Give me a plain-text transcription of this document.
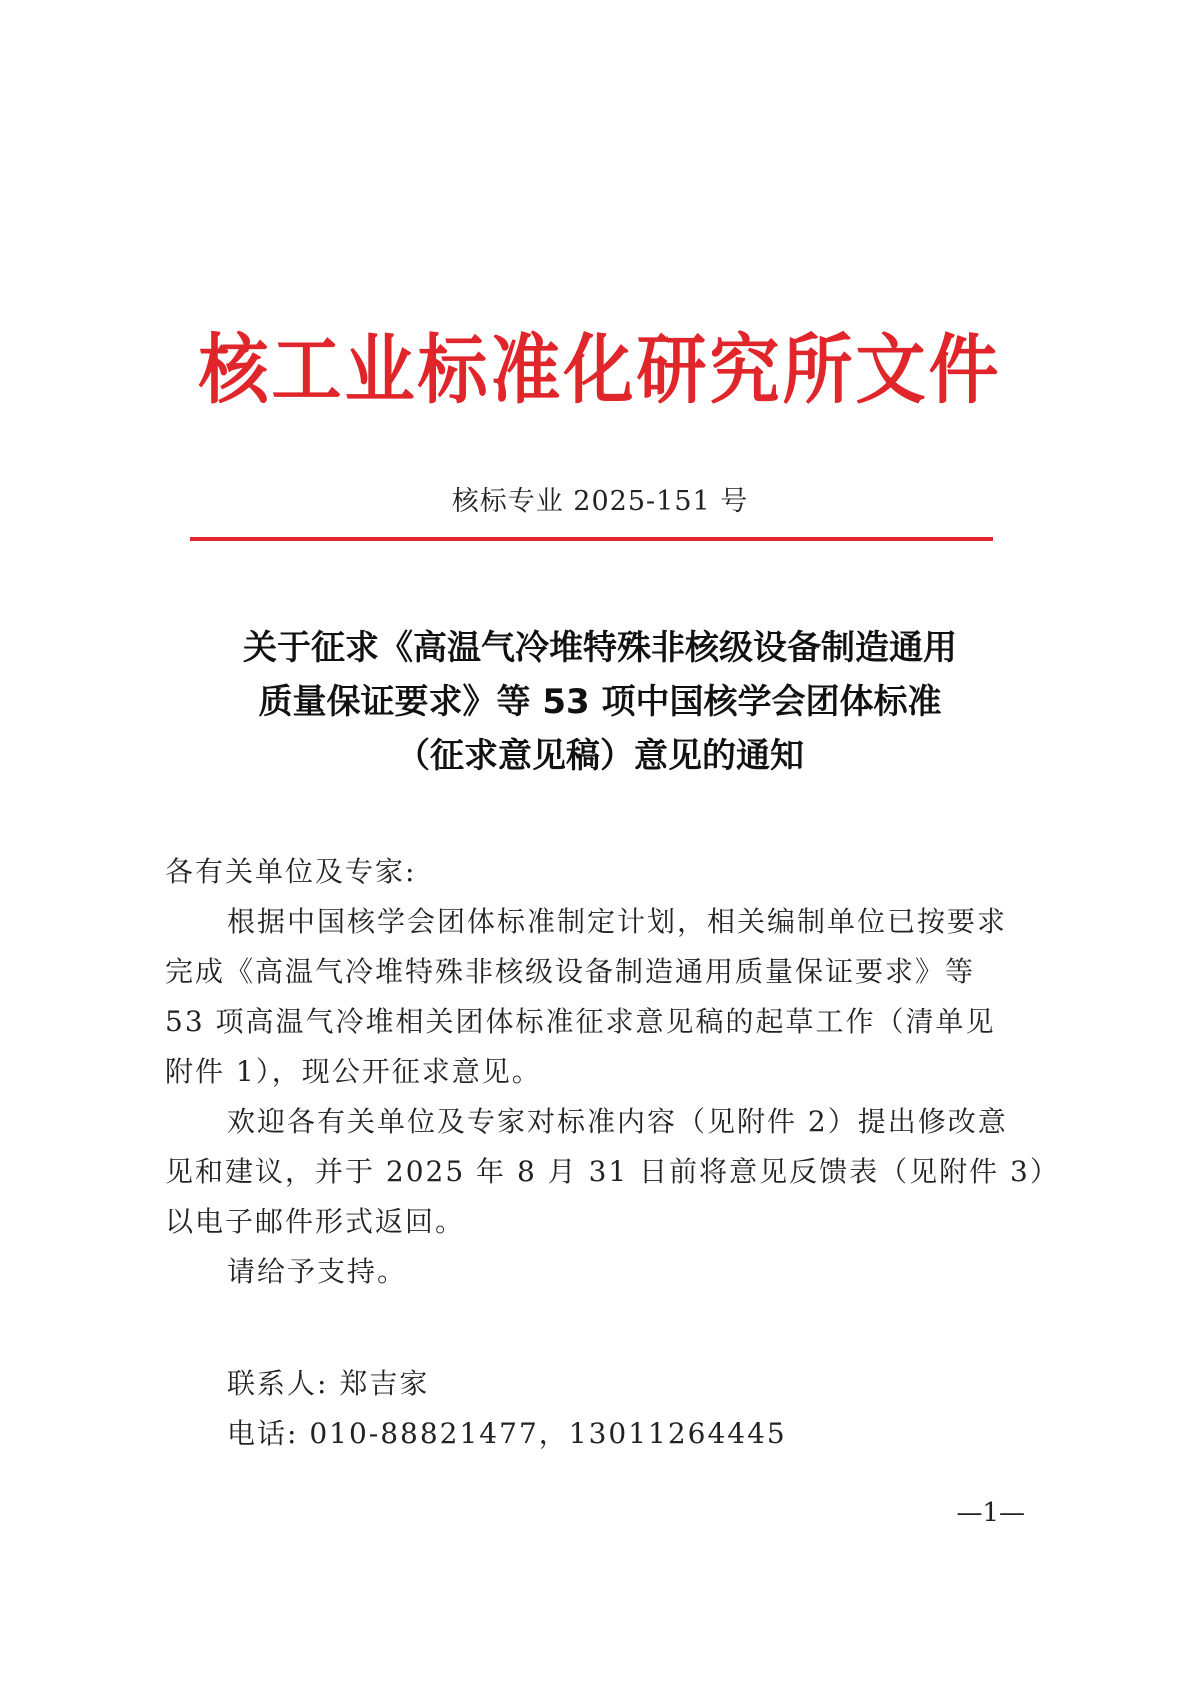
核工业标准化研究所文件
核标专业 2025-151 号
关于征求《高温气冷堆特殊非核级设备制造通用
质量保证要求》等 53 项中国核学会团体标准
（征求意见稿）意见的通知
各有关单位及专家:
根据中国核学会团体标准制定计划，相关编制单位已按要求
完成《高温气冷堆特殊非核级设备制造通用质量保证要求》等
53 项高温气冷堆相关团体标准征求意见稿的起草工作（清单见
附件 1），现公开征求意见。
欢迎各有关单位及专家对标准内容（见附件 2）提出修改意
见和建议，并于 2025 年 8 月 31 日前将意见反馈表（见附件 3）
以电子邮件形式返回。
请给予支持。
联系人: 郑吉家
电话: 010-88821477，13011264445
—1—
